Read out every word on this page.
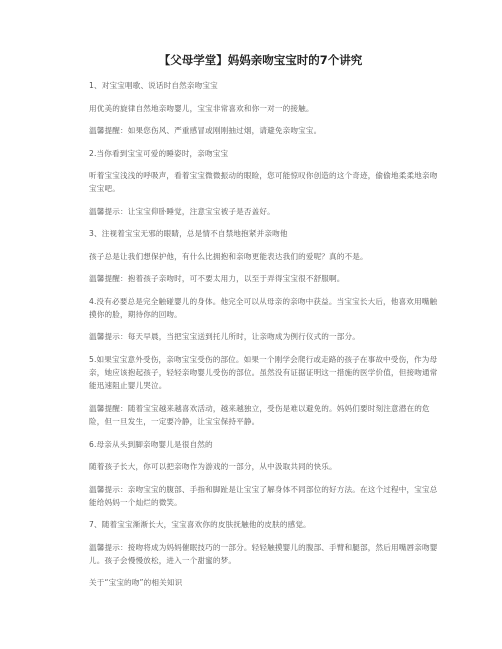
【父母学堂】妈妈亲吻宝宝时的7个讲究
1、对宝宝唱歌、说话时自然亲吻宝宝
用优美的旋律自然地亲吻婴儿，宝宝非常喜欢和你一对一的接触。
温馨提醒：如果您伤风、严重感冒或刚刚抽过烟，请避免亲吻宝宝。
2.当你看到宝宝可爱的睡姿时，亲吻宝宝
听着宝宝浅浅的呼吸声，看着宝宝微微振动的眼睑，您可能惊叹你创造的这个奇迹，偷偷地柔柔地亲吻宝宝吧。
温馨提示：让宝宝仰卧睡觉，注意宝宝被子是否盖好。
3、注视着宝宝无邪的眼睛，总是情不自禁地抱紧并亲吻他
孩子总是让我们想保护他，有什么比拥抱和亲吻更能表达我们的爱呢？真的不是。
温馨提醒：抱着孩子亲吻时，可不要太用力，以至于弄得宝宝很不舒服啊。
4.没有必要总是完全触碰婴儿的身体。他完全可以从母亲的亲吻中获益。当宝宝长大后，他喜欢用嘴触摸你的脸，期待你的回吻。
温馨提示：每天早晨，当把宝宝送到托儿所时，让亲吻成为例行仪式的一部分。
5.如果宝宝意外受伤，亲吻宝宝受伤的部位。如果一个刚学会爬行或走路的孩子在事故中受伤，作为母亲，她应该抱起孩子，轻轻亲吻婴儿受伤的部位。虽然没有证据证明这一措施的医学价值，但接吻通常能迅速阻止婴儿哭泣。
温馨提醒：随着宝宝越来越喜欢活动，越来越独立，受伤是难以避免的。妈妈们要时刻注意潜在的危险，但一旦发生，一定要冷静，让宝宝保持平静。
6.母亲从头到脚亲吻婴儿是很自然的
随着孩子长大，你可以把亲吻作为游戏的一部分，从中汲取共同的快乐。
温馨提示：亲吻宝宝的腹部、手指和脚趾是让宝宝了解身体不同部位的好方法。在这个过程中，宝宝总能给妈妈一个灿烂的微笑。
7、随着宝宝渐渐长大，宝宝喜欢你的皮肤抚触他的皮肤的感觉。
温馨提示：接吻将成为妈妈催眠技巧的一部分。轻轻触摸婴儿的腹部、手臂和腿部，然后用嘴唇亲吻婴儿。孩子会慢慢放松，进入一个甜蜜的梦。
关于“宝宝的吻”的相关知识
